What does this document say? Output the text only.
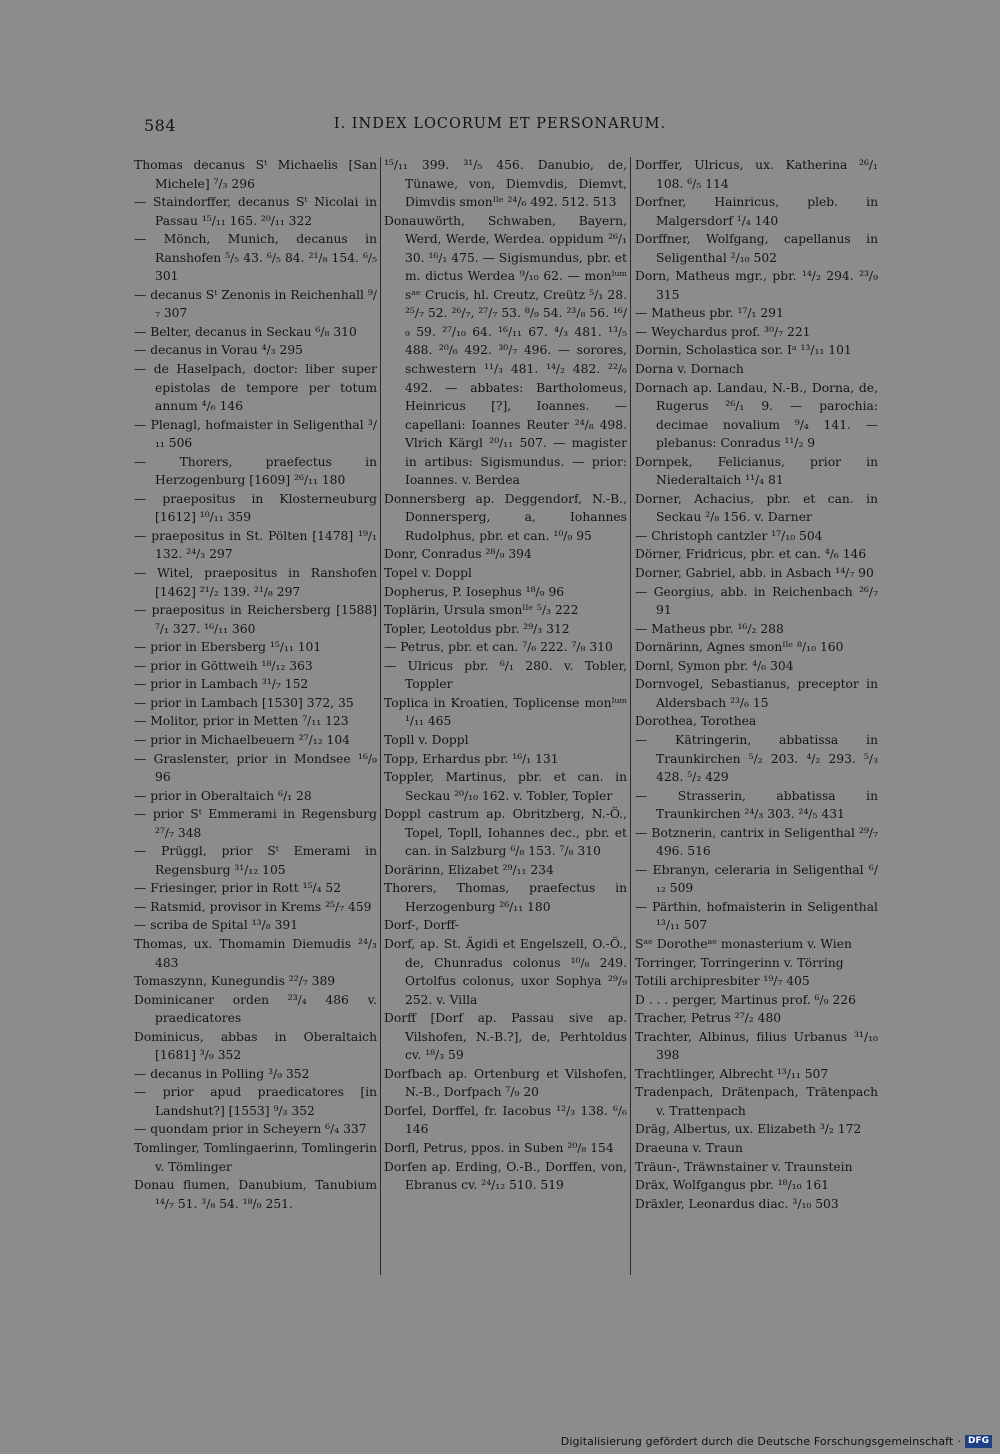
584	I. INDEX LOCORUM ET PERSONARUM.
Thomas decanus Sᵗ Michaelis [San Michele] ⁷/₃ 296
— Staindorffer, decanus Sᵗ Nicolai in Passau ¹⁵/₁₁ 165. ²⁰/₁₁ 322
— Mönch, Munich, decanus in Ranshofen ⁵/₅ 43. ⁶/₅ 84. ²¹/₈ 154. ⁶/₅ 301
— decanus Sᵗ Zenonis in Reichenhall ⁹/₇ 307
— Belter, decanus in Seckau ⁶/₈ 310
— decanus in Vorau ⁴/₃ 295
— de Haselpach, doctor: liber super epistolas de tempore per totum annum ⁴/₆ 146
— Plenagl, hofmaister in Seligenthal ³/₁₁ 506
— Thorers, praefectus in Herzogenburg [1609] ²⁶/₁₁ 180
— praepositus in Klosterneuburg [1612] ¹⁰/₁₁ 359
— praepositus in St. Pölten [1478] ¹⁹/₁ 132. ²⁴/₃ 297
— Witel, praepositus in Ranshofen [1462] ²¹/₂ 139. ²¹/₈ 297
— praepositus in Reichersberg [1588] ⁷/₁ 327. ¹⁶/₁₁ 360
— prior in Ebersberg ¹⁵/₁₁ 101
— prior in Göttweih ¹⁸/₁₂ 363
— prior in Lambach ³¹/₇ 152
— prior in Lambach [1530] 372, 35
— Molitor, prior in Metten ⁷/₁₁ 123
— prior in Michaelbeuern ²⁷/₁₂ 104
— Graslenster, prior in Mondsee ¹⁶/₉ 96
— prior in Oberaltaich ⁶/₁ 28
— prior Sᵗ Emmerami in Regensburg ²⁷/₇ 348
— Prüggl, prior Sᵗ Emerami in Regensburg ³¹/₁₂ 105
— Friesinger, prior in Rott ¹⁵/₄ 52
— Ratsmid, provisor in Krems ²⁵/₇ 459
— scriba de Spital ¹³/₈ 391
Thomas, ux. Thomamin Diemudis ²⁴/₃ 483
Tomaszynn, Kunegundis ²²/₇ 389
Dominicaner orden ²³/₄ 486 v. praedicatores
Dominicus, abbas in Oberaltaich [1681] ³/₉ 352
— decanus in Polling ³/₉ 352
— prior apud praedicatores [in Landshut?] [1553] ⁹/₃ 352
— quondam prior in Scheyern ⁶/₄ 337
Tomlinger, Tomlingaerinn, Tomlingerin v. Tömlinger
Donau flumen, Danubium, Tanubium ¹⁴/₇ 51. ³/₈ 54. ¹⁸/₉ 251.
¹⁵/₁₁ 399. ³¹/₅ 456. Danubio, de, Tünawe, von, Diemvdis, Diemvt, Dimvdis smonᴵᴵᵉ ²⁴/₆ 492. 512. 513
Donauwörth, Schwaben, Bayern, Werd, Werde, Werdea. oppidum ²⁶/₁ 30. ¹⁶/₁ 475. — Sigismundus, pbr. et m. dictus Werdea ⁹/₁₀ 62. — monᴵᵘᵐ sᵃᵉ Crucis, hl. Creutz, Creütz ⁵/₁ 28. ²⁵/₇ 52. ²⁶/₇, ²⁷/₇ 53. ⁸/₉ 54. ²³/₈ 56. ¹⁶/₉ 59. ²⁷/₁₀ 64. ¹⁶/₁₁ 67. ⁴/₃ 481. ¹³/₅ 488. ²⁰/₆ 492. ³⁰/₇ 496. — sorores, schwestern ¹¹/₃ 481. ¹⁴/₂ 482. ²²/₆ 492. — abbates: Bartholomeus, Heinricus [?], Ioannes. — capellani: Ioannes Reuter ²⁴/₈ 498. Vlrich Kärgl ²⁰/₁₁ 507. — magister in artibus: Sigismundus. — prior: Ioannes. v. Berdea
Donnersberg ap. Deggendorf, N.-B., Donnersperg, a, Iohannes Rudolphus, pbr. et can. ¹⁰/₉ 95
Donr, Conradus ²⁸/₉ 394
Topel v. Doppl
Dopherus, P. Iosephus ¹⁸/₉ 96
Toplärin, Ursula smonᴵᴵᵉ ⁵/₃ 222
Topler, Leotoldus pbr. ²⁹/₃ 312
— Petrus, pbr. et can. ⁷/₆ 222. ⁷/₈ 310
— Ulricus pbr. ⁶/₁ 280. v. Tobler, Toppler
Toplica in Kroatien, Toplicense monᴵᵘᵐ ¹/₁₁ 465
Topll v. Doppl
Topp, Erhardus pbr. ¹⁶/₁ 131
Toppler, Martinus, pbr. et can. in Seckau ²⁰/₁₀ 162. v. Tobler, Topler
Doppl castrum ap. Obritzberg, N.-Ö., Topel, Topll, Iohannes dec., pbr. et can. in Salzburg ⁶/₈ 153. ⁷/₈ 310
Dorärinn, Elizabet ²⁹/₁₁ 234
Thorers, Thomas, praefectus in Herzogenburg ²⁶/₁₁ 180
Dorf-, Dorff-
Dorf, ap. St. Ägidi et Engelszell, O.-Ö., de, Chunradus colonus ¹⁰/₈ 249. Ortolfus colonus, uxor Sophya ²⁹/₉ 252. v. Villa
Dorff [Dorf ap. Passau sive ap. Vilshofen, N.-B.?], de, Perhtoldus cv. ¹⁸/₃ 59
Dorfbach ap. Ortenburg et Vilshofen, N.-B., Dorfpach ⁷/₉ 20
Dorfel, Dorffel, fr. Iacobus ¹²/₃ 138. ⁶/₆ 146
Dorfl, Petrus, ppos. in Suben ²⁰/₈ 154
Dorfen ap. Erding, O.-B., Dorffen, von, Ebranus cv. ²⁴/₁₂ 510. 519
Dorffer, Ulricus, ux. Katherina ²⁶/₁ 108. ⁶/₅ 114
Dorfner, Hainricus, pleb. in Malgersdorf ¹/₄ 140
Dorffner, Wolfgang, capellanus in Seligenthal ²/₁₀ 502
Dorn, Matheus mgr., pbr. ¹⁴/₂ 294. ²³/₉ 315
— Matheus pbr. ¹⁷/₁ 291
— Weychardus prof. ³⁰/₇ 221
Dornin, Scholastica sor. Iᵃ ¹³/₁₁ 101
Dorna v. Dornach
Dornach ap. Landau, N.-B., Dorna, de, Rugerus ²⁶/₁ 9. — parochia: decimae novalium ⁹/₄ 141. — plebanus: Conradus ¹¹/₂ 9
Dornpek, Felicianus, prior in Niederaltaich ¹¹/₄ 81
Dorner, Achacius, pbr. et can. in Seckau ²/₈ 156. v. Darner
— Christoph cantzler ¹⁷/₁₀ 504
Dörner, Fridricus, pbr. et can. ⁴/₆ 146
Dorner, Gabriel, abb. in Asbach ¹⁴/₇ 90
— Georgius, abb. in Reichenbach ²⁶/₇ 91
— Matheus pbr. ¹⁶/₂ 288
Dornärinn, Agnes smonᴵᴵᵉ ⁸/₁₀ 160
Dornl, Symon pbr. ⁴/₆ 304
Dornvogel, Sebastianus, preceptor in Aldersbach ²³/₆ 15
Dorothea, Torothea
— Kätringerin, abbatissa in Traunkirchen ⁵/₂ 203. ⁴/₂ 293. ⁵/₃ 428. ⁵/₂ 429
— Strasserin, abbatissa in Traunkirchen ²⁴/₃ 303. ²⁴/₅ 431
— Botznerin, cantrix in Seligenthal ²⁹/₇ 496. 516
— Ebranyn, celeraria in Seligenthal ⁶/₁₂ 509
— Pärthin, hofmaisterin in Seligenthal ¹³/₁₁ 507
Sᵃᵉ Dorotheᵃᵉ monasterium v. Wien
Torringer, Torringerinn v. Törring
Totili archipresbiter ¹⁹/₇ 405
D . . . perger, Martinus prof. ⁶/₉ 226
Tracher, Petrus ²⁷/₂ 480
Trachter, Albinus, filius Urbanus ³¹/₁₀ 398
Trachtlinger, Albrecht ¹³/₁₁ 507
Tradenpach, Drätenpach, Trätenpach v. Trattenpach
Dräg, Albertus, ux. Elizabeth ³/₂ 172
Draeuna v. Traun
Träun-, Träwnstainer v. Traunstein
Dräx, Wolfgangus pbr. ¹⁸/₁₀ 161
Dräxler, Leonardus diac. ³/₁₀ 503
Digitalisierung gefördert durch die Deutsche Forschungsgemeinschaft · DFG
